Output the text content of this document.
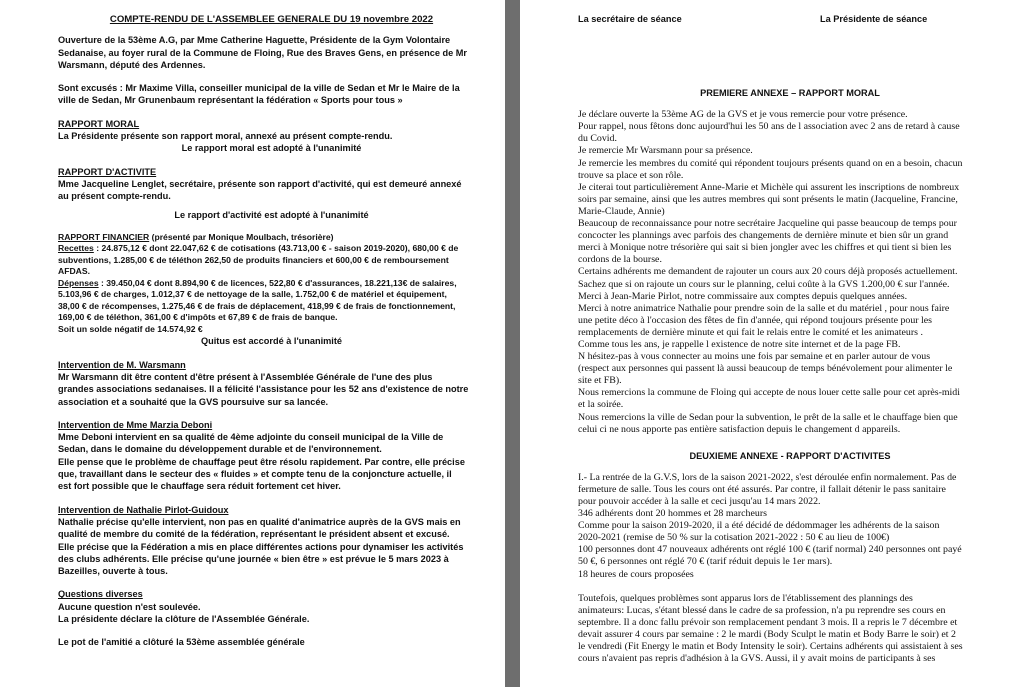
COMPTE-RENDU DE L'ASSEMBLEE GENERALE DU 19 novembre 2022

Ouverture de la 53ème A.G, par Mme Catherine Haguette, Présidente de la Gym Volontaire

Sedanaise, au foyer rural de la Commune de Floing, Rue des Braves Gens, en présence de Mr

Warsmann, député des Ardennes.

Sont excusés : Mr Maxime Villa, conseiller municipal de la ville de Sedan et Mr le Maire de la

ville de Sedan, Mr Grunenbaum représentant la fédération « Sports pour tous »

RAPPORT MORAL

La Présidente présente son rapport moral, annexé au présent compte-rendu.

Le rapport moral est adopté à l'unanimité

RAPPORT D'ACTIVITE

Mme Jacqueline Lenglet, secrétaire, présente son rapport d'activité, qui est demeuré annexé

au présent compte-rendu.

Le rapport d'activité est adopté à l'unanimité

RAPPORT FINANCIER (présenté par Monique Moulbach, trésorière)

Recettes : 24.875,12 € dont 22.047,62 € de cotisations (43.713,00 € - saison 2019-2020), 680,00 € de

subventions, 1.285,00 € de téléthon 262,50 de produits financiers et 600,00 € de remboursement

AFDAS.

Dépenses : 39.450,04 € dont 8.894,90 € de licences, 522,80 € d'assurances, 18.221,13€ de salaires,

5.103,96 € de charges, 1.012,37 € de nettoyage de la salle, 1.752,00 € de matériel et équipement,

38,00 € de récompenses, 1.275,46 € de frais de déplacement, 418,99 € de frais de fonctionnement,

169,00 € de téléthon, 361,00 € d'impôts et 67,89 € de frais de banque.

Soit un solde négatif de 14.574,92 €

Quitus est accordé à l'unanimité

Intervention de M. Warsmann

Mr Warsmann dit être content d'être présent à l'Assemblée Générale de l'une des plus

grandes associations sedanaises. Il a félicité l'assistance pour les 52 ans d'existence de notre

association et a souhaité que la GVS poursuive sur sa lancée.

Intervention de Mme Marzia Deboni

Mme Deboni intervient en sa qualité de 4ème adjointe du conseil municipal de la Ville de

Sedan, dans le domaine du développement durable et de l'environnement.

Elle pense que le problème de chauffage peut être résolu rapidement. Par contre, elle précise

que, travaillant dans le secteur des « fluides » et compte tenu de la conjoncture actuelle, il

est fort possible que le chauffage sera réduit fortement cet hiver.

Intervention de Nathalie Pirlot-Guidoux

Nathalie précise qu'elle intervient, non pas en qualité d'animatrice auprès de la GVS mais en

qualité de membre du comité de la fédération, représentant le président absent et excusé.

Elle précise que la Fédération a mis en place différentes actions pour dynamiser les activités

des clubs adhérents. Elle précise qu'une journée « bien être » est prévue le 5 mars 2023 à

Bazeilles, ouverte à tous.

Questions diverses

Aucune question n'est soulevée.

La présidente déclare la clôture de l'Assemblée Générale.

Le pot de l'amitié a clôturé la 53ème assemblée générale

La secrétaire de séance	La Présidente de séance
PREMIERE ANNEXE – RAPPORT MORAL

Je déclare ouverte la 53ème AG de la GVS et je vous remercie pour votre présence.

Pour rappel, nous fêtons donc aujourd'hui les 50 ans de l association avec 2 ans de retard à cause

du Covid.

Je remercie Mr Warsmann pour sa présence.

Je remercie les membres du comité qui répondent toujours présents quand on en a besoin, chacun

trouve sa place et son rôle.

Je citerai tout particulièrement Anne-Marie et Michèle qui assurent les inscriptions de nombreux

soirs par semaine, ainsi que les autres membres qui sont présents le matin (Jacqueline, Francine,

Marie-Claude, Annie)

Beaucoup de reconnaissance pour notre secrétaire Jacqueline qui passe beaucoup de temps pour

concocter les plannings avec parfois des changements de dernière minute et bien sûr un grand

merci à Monique notre trésorière qui sait si bien jongler avec les chiffres et qui tient si bien les

cordons de la bourse.

Certains adhérents me demandent de rajouter un cours aux 20 cours déjà proposés actuellement.

Sachez que si on rajoute un cours sur le planning, celui coûte à la GVS 1.200,00 € sur l'année.

Merci à Jean-Marie Pirlot, notre commissaire aux comptes depuis quelques années.

Merci à notre animatrice Nathalie pour prendre soin de la salle et du matériel , pour nous faire

une petite déco à l'occasion des fêtes de fin d'année, qui répond toujours présente pour les

remplacements de dernière minute et qui fait le relais entre le comité et les animateurs .

Comme tous les ans, je rappelle l existence de notre site internet et de la page FB.

N hésitez-pas à vous connecter au moins une fois par semaine et en parler autour de vous

(respect aux personnes qui passent là aussi beaucoup de temps bénévolement pour alimenter le

site et FB).

Nous remercions la commune de Floing qui accepte de nous louer cette salle pour cet après-midi

et la soirée.

Nous remercions la ville de Sedan pour la subvention, le prêt de la salle et le chauffage bien que

celui ci ne nous apporte pas entière satisfaction depuis le changement d appareils.

DEUXIEME ANNEXE - RAPPORT D'ACTIVITES

I.- La rentrée de la G.V.S, lors de la saison 2021-2022, s'est déroulée enfin normalement. Pas de

fermeture de salle. Tous les cours ont été assurés. Par contre, il fallait détenir le pass sanitaire

pour pouvoir accéder à la salle et ceci jusqu'au 14 mars 2022.

346 adhérents dont 20 hommes et 28 marcheurs

Comme pour la saison 2019-2020, il a été décidé de dédommager les adhérents de la saison

2020-2021 (remise de 50 % sur la cotisation 2021-2022 : 50 € au lieu de 100€)

100 personnes dont 47 nouveaux adhérents ont réglé 100 € (tarif normal) 240 personnes ont payé

50 €, 6 personnes ont réglé 70 € (tarif réduit depuis le 1er mars).

18 heures de cours proposées

Toutefois, quelques problèmes sont apparus lors de l'établissement des plannings des

animateurs: Lucas, s'étant blessé dans le cadre de sa profession, n'a pu reprendre ses cours en

septembre. Il a donc fallu prévoir son remplacement pendant 3 mois. Il a repris le 7 décembre et

devait assurer 4 cours par semaine : 2 le mardi (Body Sculpt le matin et Body Barre le soir) et 2

le vendredi (Fit Energy le matin et Body Intensity le soir). Certains adhérents qui assistaient à ses

cours n'avaient pas repris d'adhésion à la GVS. Aussi, il y avait moins de participants à ses
